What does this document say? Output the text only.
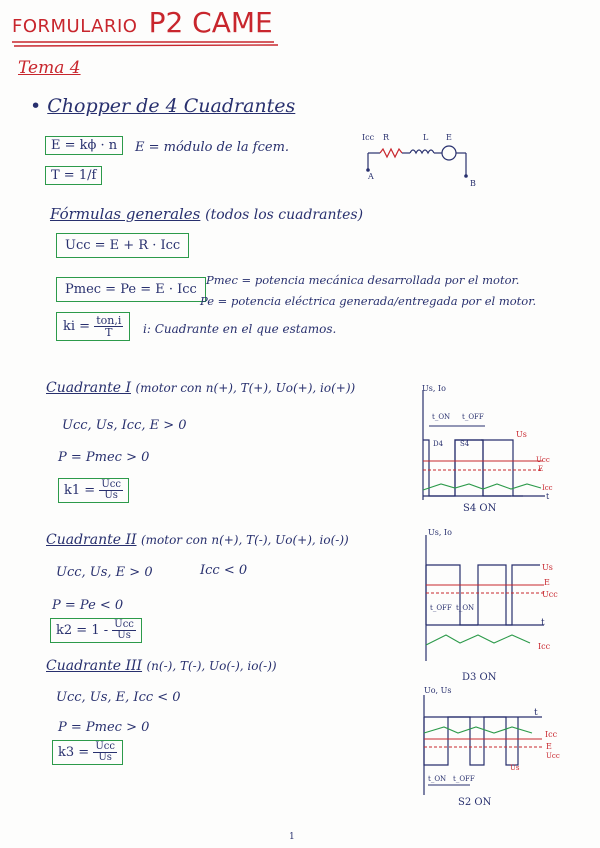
FORMULARIO P2 CAME
Tema 4
• Chopper de 4 Cuadrantes
E = kϕ · n	E = módulo de la fcem.
T = 1/f
Icc R	L E
A
B
Fórmulas generales (todos los cuadrantes)
Ucc = E + R · Icc
Pmec = Pe = E · Icc
Pmec = potencia mecánica desarrollada por el motor.
Pe = potencia eléctrica generada/entregada por el motor.
ki = $\frac{\text{ton,i}}{T} i$: Cuadrante en el que estamos.
Cuadrante I (motor con n(+), T(+), Uo(+), io(+))
Ucc, Us, Icc, E > 0
P = Pmec > 0
$k1 = \frac{\text{Ucc}}{Us}$
Us, Io
t_ON t_OFF
D4 S4
Us
Ucc
E
Icc
t
S4 ON
Cuadrante II (motor con n(+), T(-), Uo(+), io(-))
Ucc, Us, E > 0	Icc < 0
P = Pe < 0
$k2 = 1 - \frac{\text{Ucc}}{Us}$
Us, Io
t_OFF t_ON
Us
E
Ucc
t
Icc
D3 ON
Cuadrante III (n(-), T(-), Uo(-), io(-))
Ucc, Us, E, Icc < 0
P = Pmec > 0
$k3 = \frac{\text{Ucc}}{Us}$
Uo, Us
t
Icc
E
Ucc
Us
t_ON t_OFF
S2 ON
1
